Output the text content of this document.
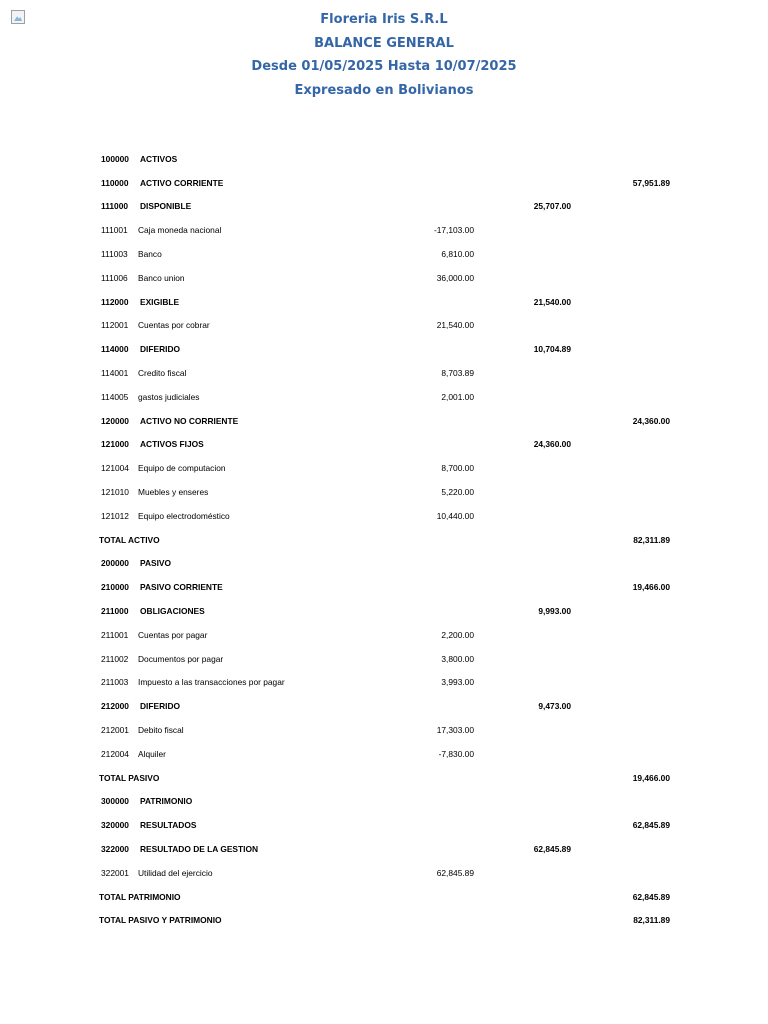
Floreria Iris S.R.L
BALANCE GENERAL
Desde 01/05/2025 Hasta 10/07/2025
Expresado en Bolivianos
100000 ACTIVOS
110000 ACTIVO CORRIENTE	57,951.89
111000 DISPONIBLE	25,707.00
111001 Caja moneda nacional	-17,103.00
111003 Banco	6,810.00
111006 Banco union	36,000.00
112000 EXIGIBLE	21,540.00
112001 Cuentas por cobrar	21,540.00
114000 DIFERIDO	10,704.89
114001 Credito fiscal	8,703.89
114005 gastos judiciales	2,001.00
120000 ACTIVO NO CORRIENTE	24,360.00
121000 ACTIVOS FIJOS	24,360.00
121004 Equipo de computacion	8,700.00
121010 Muebles y enseres	5,220.00
121012 Equipo electrodoméstico	10,440.00
TOTAL ACTIVO	82,311.89
200000 PASIVO
210000 PASIVO CORRIENTE	19,466.00
211000 OBLIGACIONES	9,993.00
211001 Cuentas por pagar	2,200.00
211002 Documentos por pagar	3,800.00
211003 Impuesto a las transacciones por pagar	3,993.00
212000 DIFERIDO	9,473.00
212001 Debito fiscal	17,303.00
212004 Alquiler	-7,830.00
TOTAL PASIVO	19,466.00
300000 PATRIMONIO
320000 RESULTADOS	62,845.89
322000 RESULTADO DE LA GESTION	62,845.89
322001 Utilidad del ejercicio	62,845.89
TOTAL PATRIMONIO	62,845.89
TOTAL PASIVO Y PATRIMONIO	82,311.89
